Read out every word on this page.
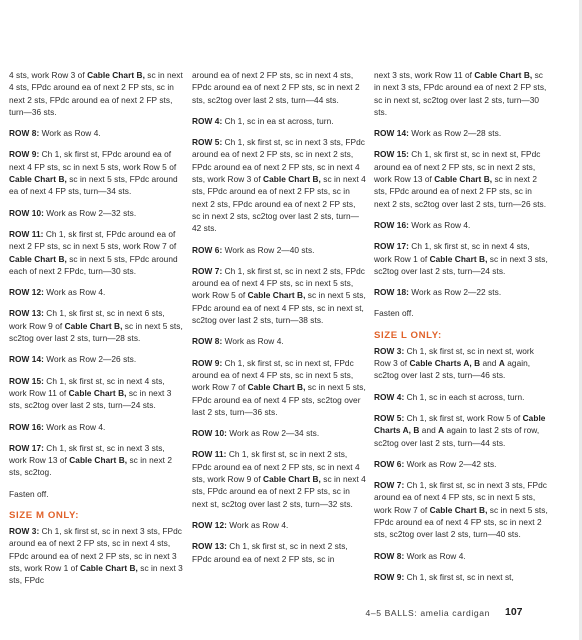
4 sts, work Row 3 of Cable Chart B, sc in next 4 sts, FPdc around ea of next 2 FP sts, sc in next 2 sts, FPdc around ea of next 2 FP sts, turn—36 sts.

ROW 8: Work as Row 4.

ROW 9: Ch 1, sk first st, FPdc around ea of next 4 FP sts, sc in next 5 sts, work Row 5 of Cable Chart B, sc in next 5 sts, FPdc around ea of next 4 FP sts, turn—34 sts.

ROW 10: Work as Row 2—32 sts.

ROW 11: Ch 1, sk first st, FPdc around ea of next 2 FP sts, sc in next 5 sts, work Row 7 of Cable Chart B, sc in next 5 sts, FPdc around each of next 2 FPdc, turn—30 sts.

ROW 12: Work as Row 4.

ROW 13: Ch 1, sk first st, sc in next 6 sts, work Row 9 of Cable Chart B, sc in next 5 sts, sc2tog over last 2 sts, turn—28 sts.

ROW 14: Work as Row 2—26 sts.

ROW 15: Ch 1, sk first st, sc in next 4 sts, work Row 11 of Cable Chart B, sc in next 3 sts, sc2tog over last 2 sts, turn—24 sts.

ROW 16: Work as Row 4.

ROW 17: Ch 1, sk first st, sc in next 3 sts, work Row 13 of Cable Chart B, sc in next 2 sts, sc2tog.

Fasten off.

SIZE M ONLY:

ROW 3: Ch 1, sk first st, sc in next 3 sts, FPdc around ea of next 2 FP sts, sc in next 4 sts, FPdc around ea of next 2 FP sts, sc in next 3 sts, work Row 1 of Cable Chart B, sc in next 3 sts, FPdc

around ea of next 2 FP sts, sc in next 4 sts, FPdc around ea of next 2 FP sts, sc in next 2 sts, sc2tog over last 2 sts, turn—44 sts.

ROW 4: Ch 1, sc in ea st across, turn.

ROW 5: Ch 1, sk first st, sc in next 3 sts, FPdc around ea of next 2 FP sts, sc in next 2 sts, FPdc around ea of next 2 FP sts, sc in next 4 sts, work Row 3 of Cable Chart B, sc in next 4 sts, FPdc around ea of next 2 FP sts, sc in next 2 sts, FPdc around ea of next 2 FP sts, sc in next 2 sts, sc2tog over last 2 sts, turn—42 sts.

ROW 6: Work as Row 2—40 sts.

ROW 7: Ch 1, sk first st, sc in next 2 sts, FPdc around ea of next 4 FP sts, sc in next 5 sts, work Row 5 of Cable Chart B, sc in next 5 sts, FPdc around ea of next 4 FP sts, sc in next st, sc2tog over last 2 sts, turn—38 sts.

ROW 8: Work as Row 4.

ROW 9: Ch 1, sk first st, sc in next st, FPdc around ea of next 4 FP sts, sc in next 5 sts, work Row 7 of Cable Chart B, sc in next 5 sts, FPdc around ea of next 4 FP sts, sc2tog over last 2 sts, turn—36 sts.

ROW 10: Work as Row 2—34 sts.

ROW 11: Ch 1, sk first st, sc in next 2 sts, FPdc around ea of next 2 FP sts, sc in next 4 sts, work Row 9 of Cable Chart B, sc in next 4 sts, FPdc around ea of next 2 FP sts, sc in next st, sc2tog over last 2 sts, turn—32 sts.

ROW 12: Work as Row 4.

ROW 13: Ch 1, sk first st, sc in next 2 sts, FPdc around ea of next 2 FP sts, sc in

next 3 sts, work Row 11 of Cable Chart B, sc in next 3 sts, FPdc around ea of next 2 FP sts, sc in next st, sc2tog over last 2 sts, turn—30 sts.

ROW 14: Work as Row 2—28 sts.

ROW 15: Ch 1, sk first st, sc in next st, FPdc around ea of next 2 FP sts, sc in next 2 sts, work Row 13 of Cable Chart B, sc in next 2 sts, FPdc around ea of next 2 FP sts, sc in next 2 sts, sc2tog over last 2 sts, turn—26 sts.

ROW 16: Work as Row 4.

ROW 17: Ch 1, sk first st, sc in next 4 sts, work Row 1 of Cable Chart B, sc in next 3 sts, sc2tog over last 2 sts, turn—24 sts.

ROW 18: Work as Row 2—22 sts.

Fasten off.

SIZE L ONLY:

ROW 3: Ch 1, sk first st, sc in next st, work Row 3 of Cable Charts A, B and A again, sc2tog over last 2 sts, turn—46 sts.

ROW 4: Ch 1, sc in each st across, turn.

ROW 5: Ch 1, sk first st, work Row 5 of Cable Charts A, B and A again to last 2 sts of row, sc2tog over last 2 sts, turn—44 sts.

ROW 6: Work as Row 2—42 sts.

ROW 7: Ch 1, sk first st, sc in next 3 sts, FPdc around ea of next 4 FP sts, sc in next 5 sts, work Row 7 of Cable Chart B, sc in next 5 sts, FPdc around ea of next 4 FP sts, sc in next 2 sts, sc2tog over last 2 sts, turn—40 sts.

ROW 8: Work as Row 4.

ROW 9: Ch 1, sk first st, sc in next st,

4–5 BALLS: amelia cardigan 107
